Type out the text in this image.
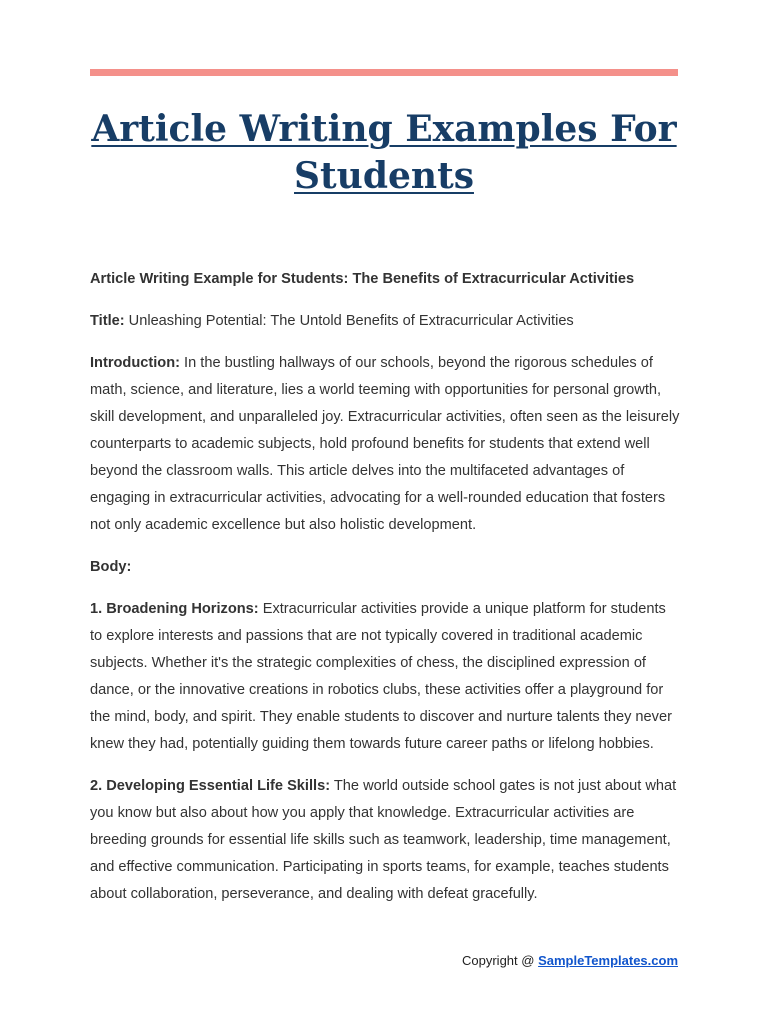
Article Writing Examples For Students

Article Writing Example for Students: The Benefits of Extracurricular Activities

Title: Unleashing Potential: The Untold Benefits of Extracurricular Activities

Introduction: In the bustling hallways of our schools, beyond the rigorous schedules of math, science, and literature, lies a world teeming with opportunities for personal growth, skill development, and unparalleled joy. Extracurricular activities, often seen as the leisurely counterparts to academic subjects, hold profound benefits for students that extend well beyond the classroom walls. This article delves into the multifaceted advantages of engaging in extracurricular activities, advocating for a well-rounded education that fosters not only academic excellence but also holistic development.

Body:

1. Broadening Horizons: Extracurricular activities provide a unique platform for students to explore interests and passions that are not typically covered in traditional academic subjects. Whether it's the strategic complexities of chess, the disciplined expression of dance, or the innovative creations in robotics clubs, these activities offer a playground for the mind, body, and spirit. They enable students to discover and nurture talents they never knew they had, potentially guiding them towards future career paths or lifelong hobbies.

2. Developing Essential Life Skills: The world outside school gates is not just about what you know but also about how you apply that knowledge. Extracurricular activities are breeding grounds for essential life skills such as teamwork, leadership, time management, and effective communication. Participating in sports teams, for example, teaches students about collaboration, perseverance, and dealing with defeat gracefully.

Copyright @ SampleTemplates.com
